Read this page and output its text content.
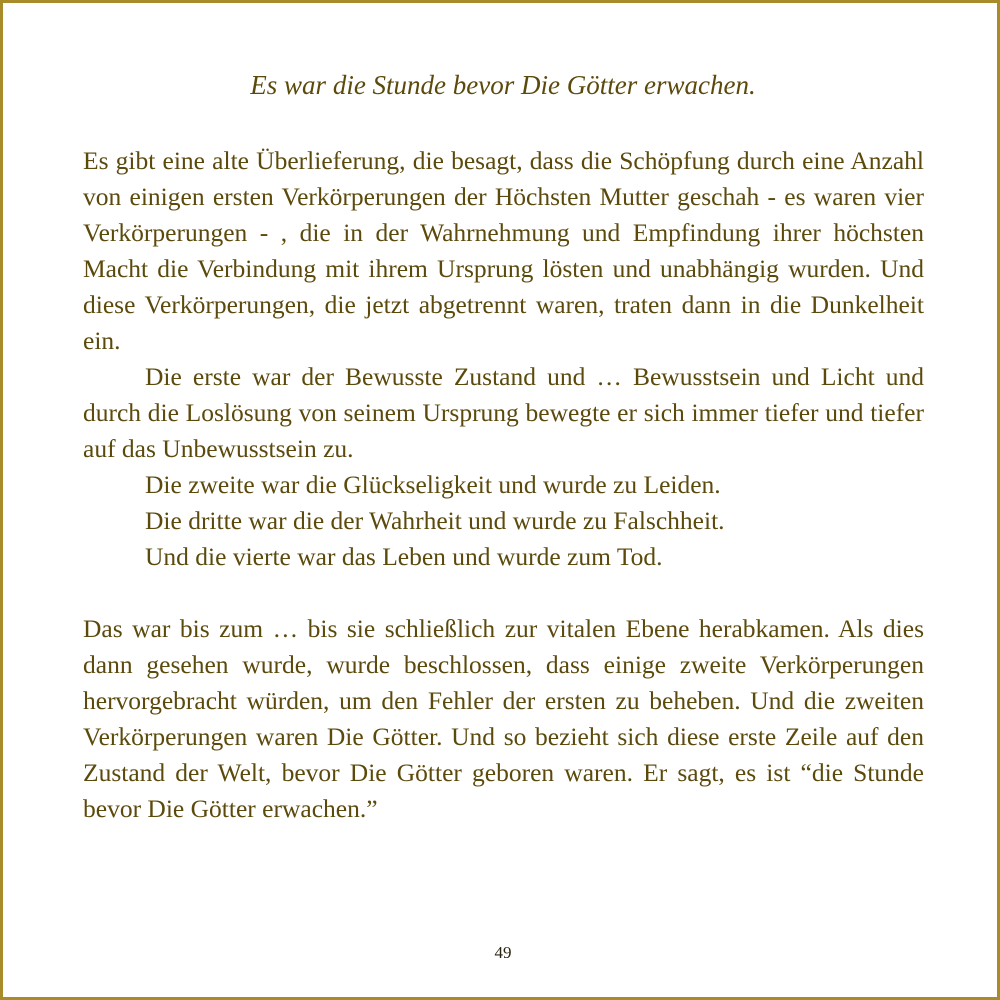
Es war die Stunde bevor Die Götter erwachen.

Es gibt eine alte Überlieferung, die besagt, dass die Schöpfung durch eine Anzahl von einigen ersten Verkörperungen der Höchsten Mutter geschah - es waren vier Verkörperungen - , die in der Wahrnehmung und Empfindung ihrer höchsten Macht die Verbindung mit ihrem Ursprung lösten und unabhängig wurden. Und diese Verkörperungen, die jetzt abgetrennt waren, traten dann in die Dunkelheit ein.

Die erste war der Bewusste Zustand und … Bewusstsein und Licht und durch die Loslösung von seinem Ursprung bewegte er sich immer tiefer und tiefer auf das Unbewusstsein zu.

Die zweite war die Glückseligkeit und wurde zu Leiden.

Die dritte war die der Wahrheit und wurde zu Falschheit.

Und die vierte war das Leben und wurde zum Tod.

Das war bis zum … bis sie schließlich zur vitalen Ebene herabkamen. Als dies dann gesehen wurde, wurde beschlossen, dass einige zweite Verkörperungen hervorgebracht würden, um den Fehler der ersten zu beheben. Und die zweiten Verkörperungen waren Die Götter. Und so bezieht sich diese erste Zeile auf den Zustand der Welt, bevor Die Götter geboren waren. Er sagt, es ist “die Stunde bevor Die Götter erwachen.”

49
